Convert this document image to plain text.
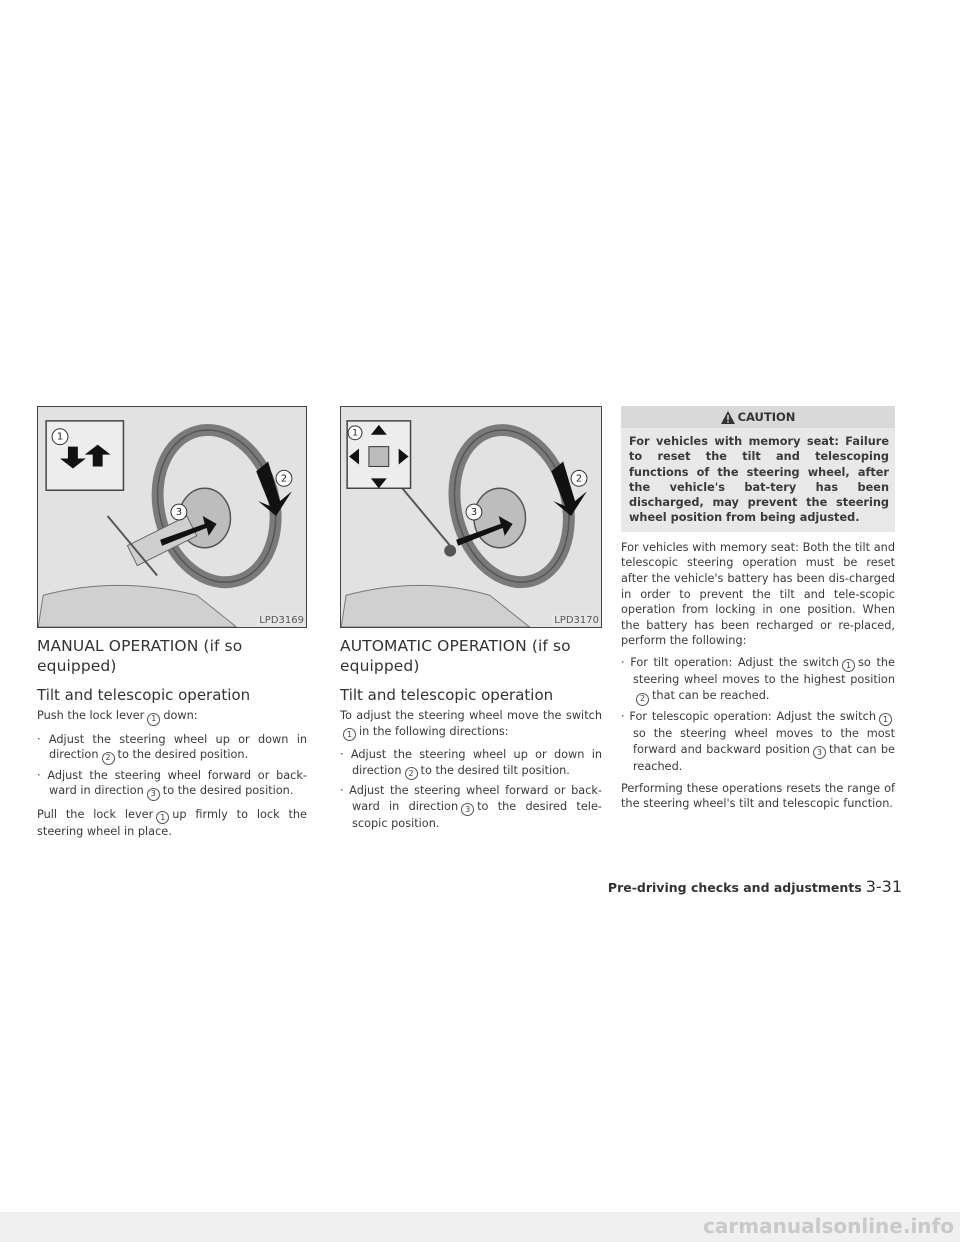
1
2
3
LPD3169
MANUAL OPERATION (if so equipped)
Tilt and telescopic operation

Push the lock lever 1 down:

· Adjust the steering wheel up or down in direction 2 to the desired position.
· Adjust the steering wheel forward or back-ward in direction 3 to the desired position.

Pull the lock lever 1 up firmly to lock the steering wheel in place.

1
2
3
LPD3170
AUTOMATIC OPERATION (if so equipped)
Tilt and telescopic operation

To adjust the steering wheel move the switch1 in the following directions:

· Adjust the steering wheel up or down in direction 2 to the desired tilt position.
· Adjust the steering wheel forward or back-ward in direction 3 to the desired tele-scopic position.
CAUTION
For vehicles with memory seat: Failure to reset the tilt and telescoping functions of the steering wheel, after the vehicle's bat-tery has been discharged, may prevent the steering wheel position from being adjusted.

For vehicles with memory seat: Both the tilt and telescopic steering operation must be reset after the vehicle's battery has been dis-charged in order to prevent the tilt and tele-scopic operation from locking in one position. When the battery has been recharged or re-placed, perform the following:

· For tilt operation: Adjust the switch 1 so the steering wheel moves to the highest position2 that can be reached.
· For telescopic operation: Adjust the switch 1so the steering wheel moves to the most forward and backward position 3 that can be reached.

Performing these operations resets the range of the steering wheel's tilt and telescopic function.

Pre-driving checks and adjustments 3-31
carmanualsonline.info
